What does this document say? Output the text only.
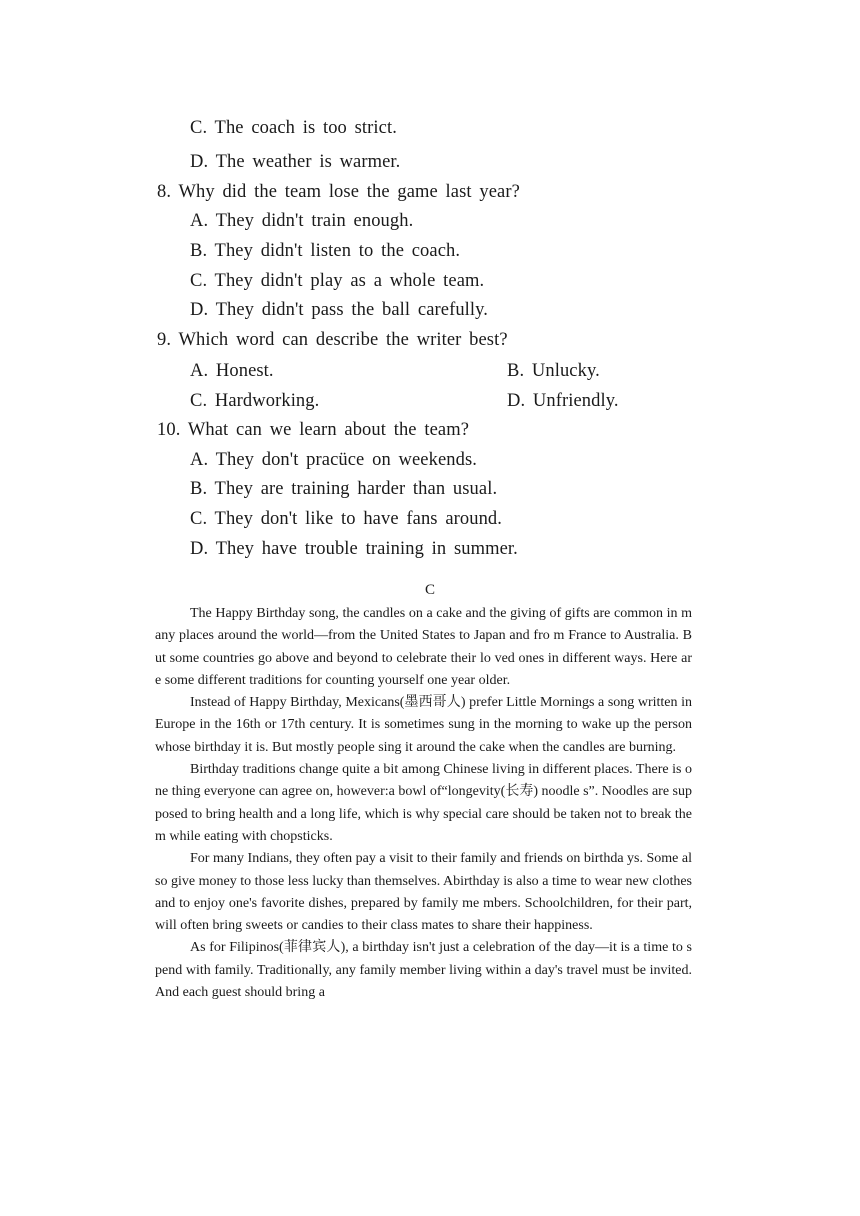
C. The coach is too strict.
D. The weather is warmer.
8. Why did the team lose the game last year?
A. They didn't train enough.
B. They didn't listen to the coach.
C. They didn't play as a whole team.
D. They didn't pass the ball carefully.
9. Which word can describe the writer best?
A. Honest.	B. Unlucky.
C. Hardworking.	D. Unfriendly.
10. What can we learn about the team?
A. They don't pracüce on weekends.
B. They are training harder than usual.
C. They don't like to have fans around.
D. They have trouble training in summer.
C

The Happy Birthday song, the candles on a cake and the giving of gifts are common in many places around the world—from the United States to Japan and fro m France to Australia. But some countries go above and beyond to celebrate their lo ved ones in different ways. Here are some different traditions for counting yourself one year older.

Instead of Happy Birthday, Mexicans(墨西哥人) prefer Little Mornings a song written in Europe in the 16th or 17th century. It is sometimes sung in the morning to wake up the person whose birthday it is. But mostly people sing it around the cake when the candles are burning.

Birthday traditions change quite a bit among Chinese living in different places. There is one thing everyone can agree on, however:a bowl of“longevity(长寿) noodle s”. Noodles are supposed to bring health and a long life, which is why special care should be taken not to break them while eating with chopsticks.

For many Indians, they often pay a visit to their family and friends on birthda ys. Some also give money to those less lucky than themselves. Abirthday is also a time to wear new clothes and to enjoy one's favorite dishes, prepared by family me mbers. Schoolchildren, for their part, will often bring sweets or candies to their class mates to share their happiness.

As for Filipinos(菲律宾人), a birthday isn't just a celebration of the day—it is a time to spend with family. Traditionally, any family member living within a day's travel must be invited. And each guest should bring a
